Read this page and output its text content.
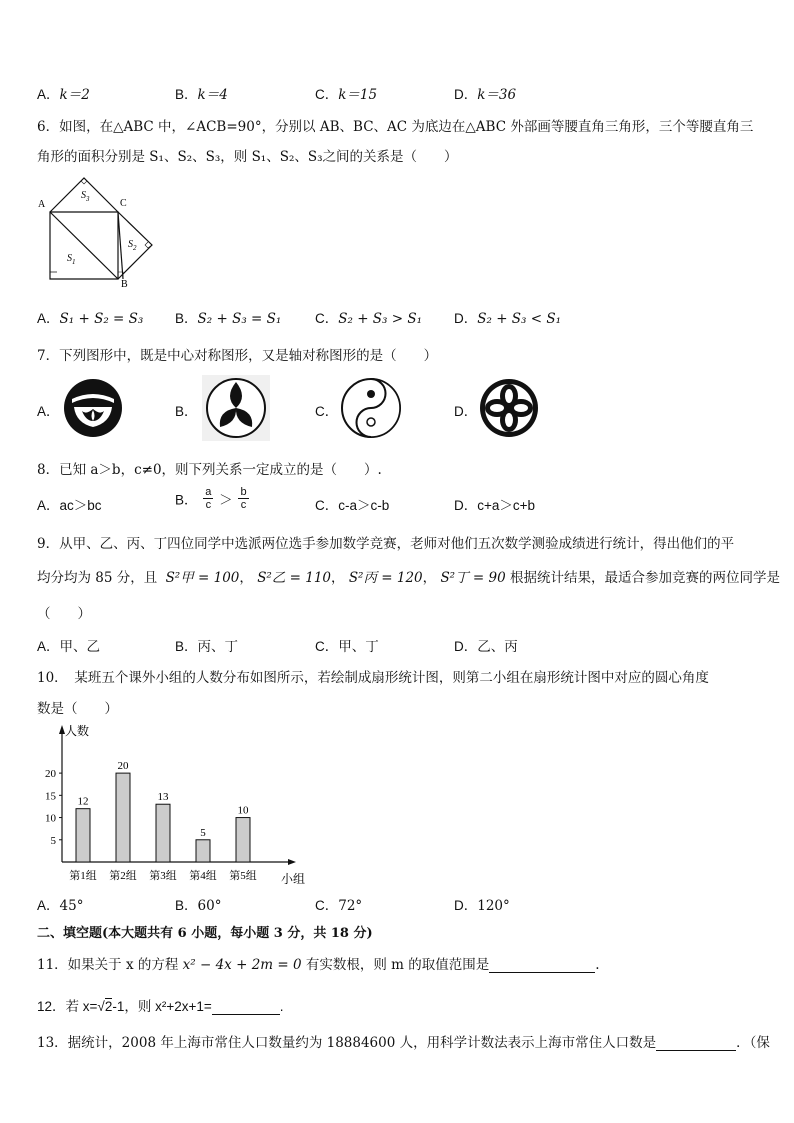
A．k＝2	B．k＝4	C．k＝15	D．k＝36
6．如图，在△ABC 中，∠ACB=90°，分别以 AB、BC、AC 为底边在△ABC 外部画等腰直角三角形，三个等腰直角三
角形的面积分别是 S₁、S₂、S₃，则 S₁、S₂、S₃之间的关系是（　　）
A	C
B
$S_3$
$S_1$
$S_2$
A．S₁ + S₂ = S₃ B．S₂ + S₃ = S₁ C．S₂ + S₃ > S₁ D．S₂ + S₃ < S₁
7．下列图形中，既是中心对称图形，又是轴对称图形的是（　　）
A．	B．	C．	D．
8．已知 a＞b，c≠0，则下列关系一定成立的是（　　）.
A．ac＞bc	B． $\frac{a}{c} > \frac{b}{c}$	C．c-a＞c-b	D．c+a＞c+b
9．从甲、乙、丙、丁四位同学中选派两位选手参加数学竞赛，老师对他们五次数学测验成绩进行统计，得出他们的平
均分均为 85 分，且 S²甲 = 100， S²乙 = 110， S²丙 = 120， S²丁 = 90 根据统计结果，最适合参加竞赛的两位同学是
（　　）
A．甲、乙	B．丙、丁	C．甲、丁	D．乙、丙
10．　某班五个课外小组的人数分布如图所示，若绘制成扇形统计图，则第二小组在扇形统计图中对应的圆心角度
数是（　　）
人数
小组
5
10
15
20
12
第1组
20
第2组
13
第3组
5
第4组
10
第5组
A．45°	B．60°	C．72°	D．120°
二、填空题(本大题共有 6 小题，每小题 3 分，共 18 分)
11．如果关于 x 的方程 x² − 4x + 2m = 0 有实数根，则 m 的取值范围是	.
12．若 x=√2-1，则 x²+2x+1=	.
13．据统计，2008 年上海市常住人口数量约为 18884600 人，用科学计数法表示上海市常住人口数是	．（保
